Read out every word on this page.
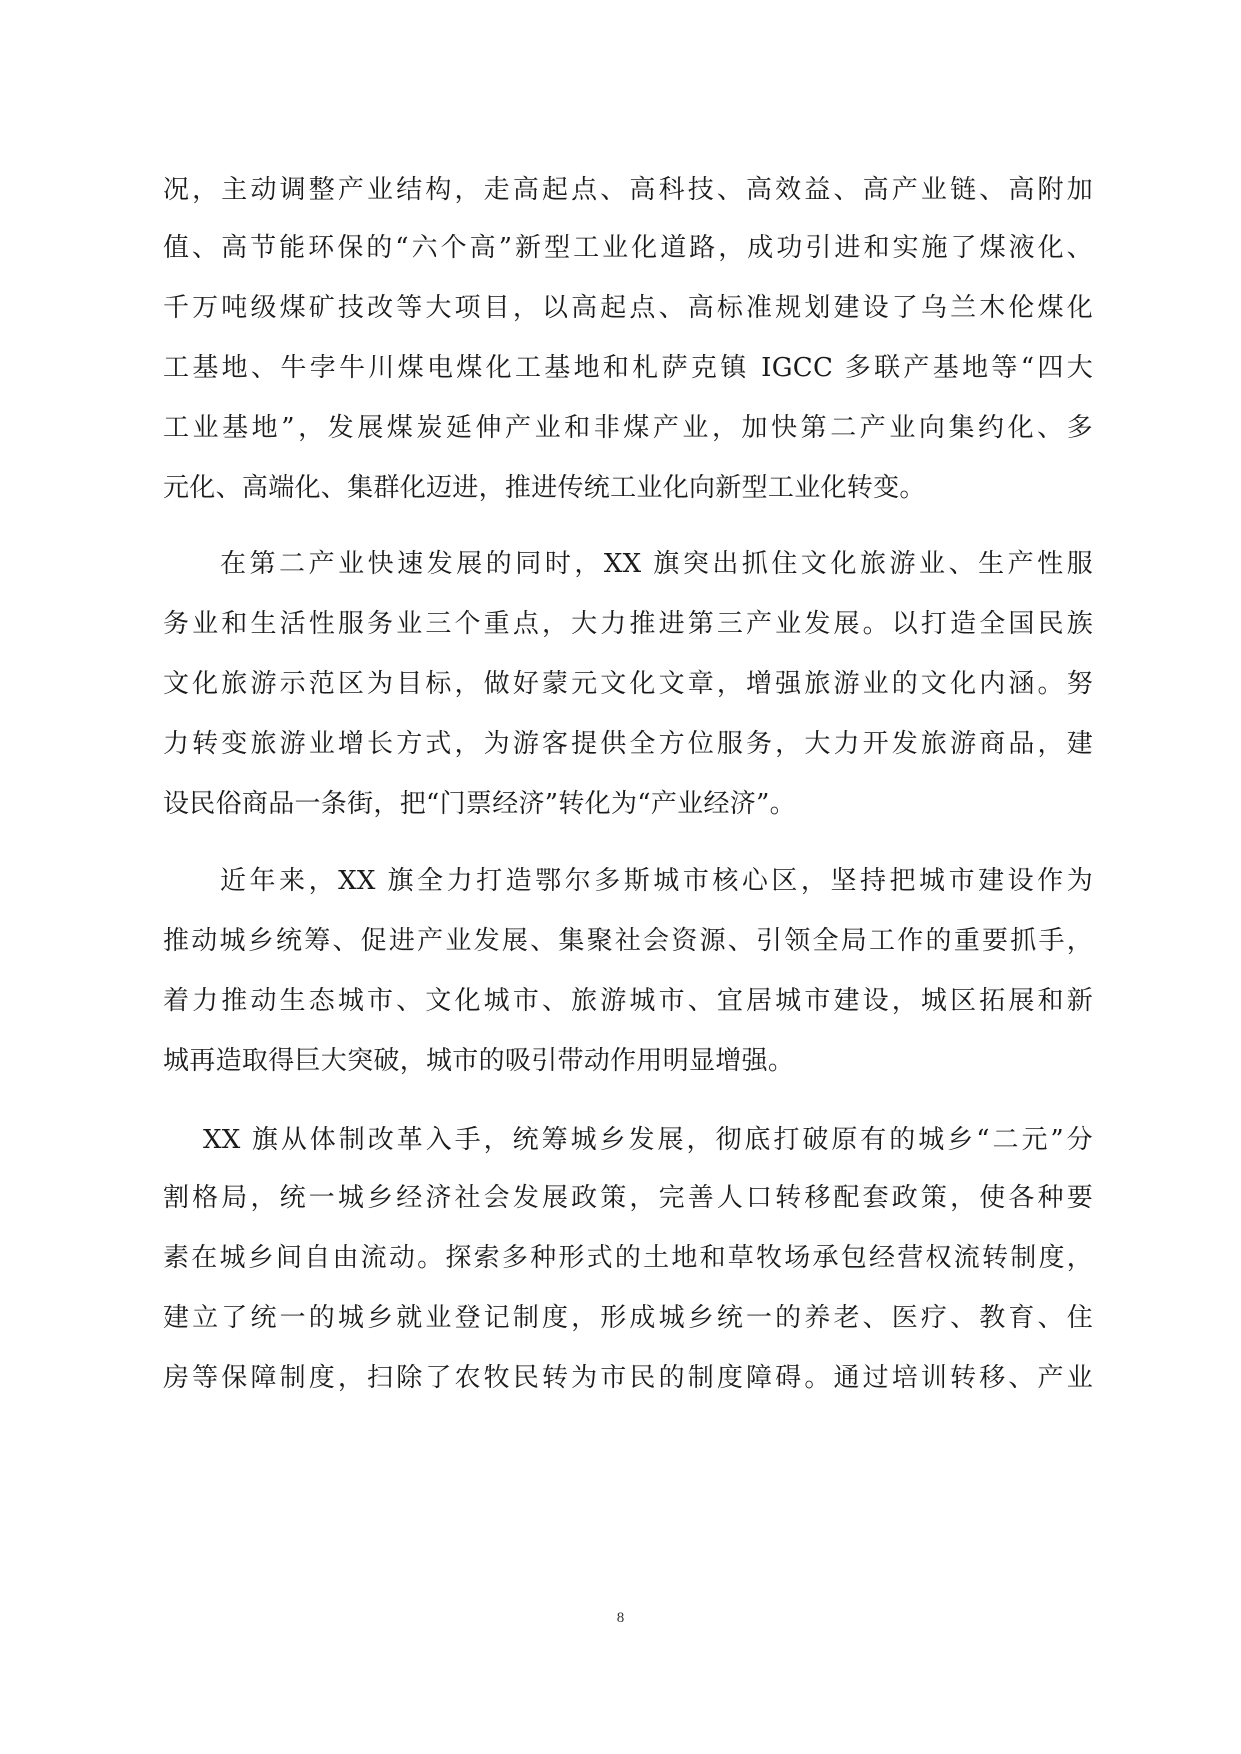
况，主动调整产业结构，走高起点、高科技、高效益、高产业链、高附加
值、高节能环保的“六个高”新型工业化道路，成功引进和实施了煤液化、
千万吨级煤矿技改等大项目，以高起点、高标准规划建设了乌兰木伦煤化
工基地、牛孛牛川煤电煤化工基地和札萨克镇 IGCC 多联产基地等“四大
工业基地”，发展煤炭延伸产业和非煤产业，加快第二产业向集约化、多
元化、高端化、集群化迈进，推进传统工业化向新型工业化转变。
在第二产业快速发展的同时，XX 旗突出抓住文化旅游业、生产性服
务业和生活性服务业三个重点，大力推进第三产业发展。以打造全国民族
文化旅游示范区为目标，做好蒙元文化文章，增强旅游业的文化内涵。努
力转变旅游业增长方式，为游客提供全方位服务，大力开发旅游商品，建
设民俗商品一条街，把“门票经济”转化为“产业经济”。
近年来，XX 旗全力打造鄂尔多斯城市核心区，坚持把城市建设作为
推动城乡统筹、促进产业发展、集聚社会资源、引领全局工作的重要抓手，
着力推动生态城市、文化城市、旅游城市、宜居城市建设，城区拓展和新
城再造取得巨大突破，城市的吸引带动作用明显增强。
XX 旗从体制改革入手，统筹城乡发展，彻底打破原有的城乡“二元”分
割格局，统一城乡经济社会发展政策，完善人口转移配套政策，使各种要
素在城乡间自由流动。探索多种形式的土地和草牧场承包经营权流转制度，
建立了统一的城乡就业登记制度，形成城乡统一的养老、医疗、教育、住
房等保障制度，扫除了农牧民转为市民的制度障碍。通过培训转移、产业
8
